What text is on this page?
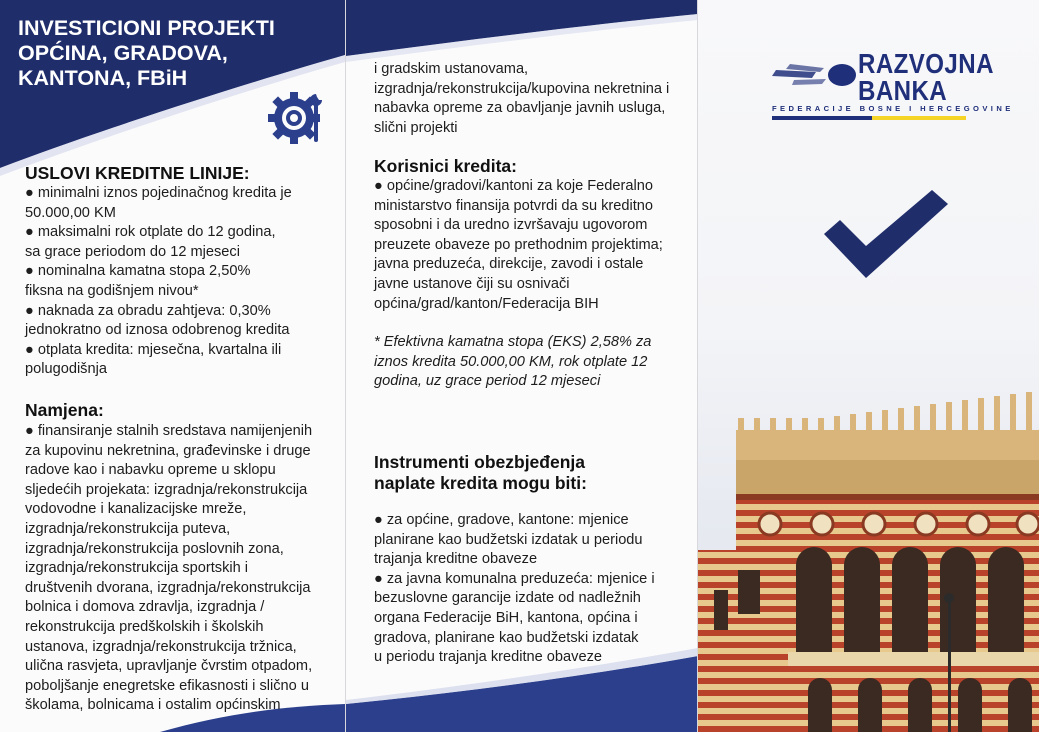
INVESTICIONI PROJEKTI
OPĆINA, GRADOVA,
KANTONA, FBiH
USLOVI KREDITNE LINIJE:

● minimalni iznos pojedinačnog kredita je

50.000,00 KM

● maksimalni rok otplate do 12 godina,

sa grace periodom do 12 mjeseci

● nominalna kamatna stopa 2,50%

fiksna na godišnjem nivou*

● naknada za obradu zahtjeva: 0,30%

jednokratno od iznosa odobrenog kredita

● otplata kredita: mjesečna, kvartalna ili

polugodišnja

Namjena:

● finansiranje stalnih sredstava namijenjenih

za kupovinu nekretnina, građevinske i druge

radove kao i nabavku opreme u sklopu

sljedećih projekata: izgradnja/rekonstrukcija

vodovodne i kanalizacijske mreže,

izgradnja/rekonstrukcija puteva,

izgradnja/rekonstrukcija poslovnih zona,

izgradnja/rekonstrukcija sportskih i

društvenih dvorana, izgradnja/rekonstrukcija

bolnica i domova zdravlja, izgradnja /

rekonstrukcija predškolskih i školskih

ustanova, izgradnja/rekonstrukcija tržnica,

ulična rasvjeta, upravljanje čvrstim otpadom,

poboljšanje enegretske efikasnosti i slično u

školama, bolnicama i ostalim općinskim

i gradskim ustanovama,

izgradnja/rekonstrukcija/kupovina nekretnina i

nabavka opreme za obavljanje javnih usluga,

slični projekti

Korisnici kredita:

● općine/gradovi/kantoni za koje Federalno

ministarstvo finansija potvrdi da su kreditno

sposobni i da uredno izvršavaju ugovorom

preuzete obaveze po prethodnim projektima;

javna preduzeća, direkcije, zavodi i ostale

javne ustanove čiji su osnivači

općina/grad/kanton/Federacija BIH

* Efektivna kamatna stopa (EKS) 2,58% za
iznos kredita 50.000,00 KM, rok otplate 12
godina, uz grace period 12 mjeseci
Instrumenti obezbjeđenja
naplate kredita mogu biti:

● za općine, gradove, kantone: mjenice

planirane kao budžetski izdatak u periodu

trajanja kreditne obaveze

● za javna komunalna preduzeća: mjenice i

bezuslovne garancije izdate od nadležnih

organa Federacije BiH, kantona, općina i

gradova, planirane kao budžetski izdatak

u periodu trajanja kreditne obaveze

RAZVOJNA
BANKA
FEDERACIJE BOSNE I HERCEGOVINE
